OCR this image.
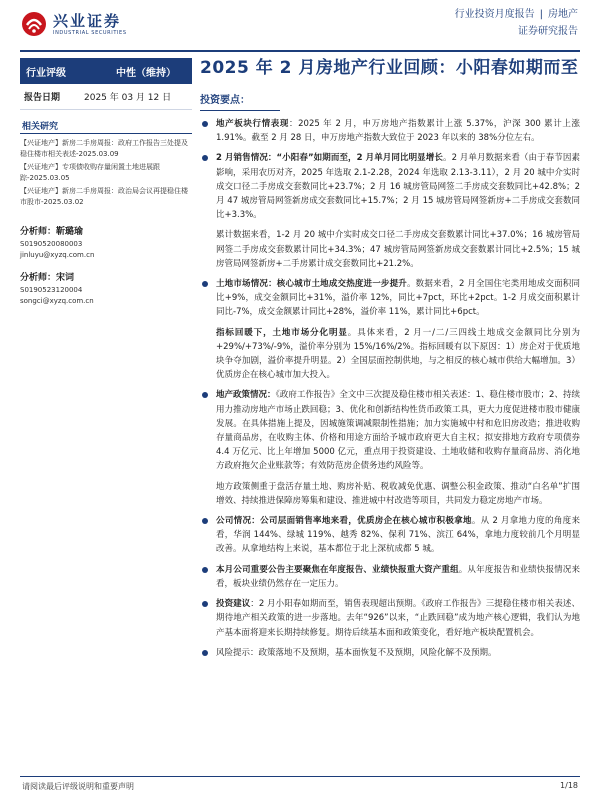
兴业证券
INDUSTRIAL SECURITIES
行业投资月度报告 | 房地产
证券研究报告
行业评级	中性（维持）
报告日期	2025 年 03 月 12 日
相关研究
【兴证地产】新房二手房周报：政府工作报告三处提及稳住楼市相关表述-2025.03.09
【兴证地产】专项债收购存量闲置土地进展跟踪-2025.03.05
【兴证地产】新房二手房周报：政治局会议再提稳住楼市股市-2025.03.02
分析师：靳璐瑜
S0190520080003
jinluyu@xyzq.com.cn
分析师：宋词
S0190523120004
songci@xyzq.com.cn
2025 年 2 月房地产行业回顾：小阳春如期而至
投资要点：
地产板块行情表现：2025 年 2 月，申万房地产指数累计上涨 5.37%，沪深 300 累计上涨 1.91%。截至 2 月 28 日，申万房地产指数大致位于 2023 年以来的 38%分位左右。
2 月销售情况：“小阳春”如期而至，2 月单月同比明显增长。2 月单月数据来看（由于春节因素影响，采用农历对齐，2025 年选取 2.1-2.28，2024 年选取 2.13-3.11），2 月 20 城中介实时成交口径二手房成交套数同比+23.7%；2 月 16 城房管局网签二手房成交套数同比+42.8%；2 月 47 城房管局网签新房成交套数同比+15.7%；2 月 15 城房管局网签新房+二手房成交套数同比+3.3%。
累计数据来看，1-2 月 20 城中介实时成交口径二手房成交套数累计同比+37.0%；16 城房管局网签二手房成交套数累计同比+34.3%；47 城房管局网签新房成交套数累计同比+2.5%；15 城房管局网签新房+二手房累计成交套数同比+21.2%。
土地市场情况：核心城市土地成交热度进一步提升。数据来看，2 月全国住宅类用地成交面积同比+9%，成交金额同比+31%，溢价率 12%，同比+7pct，环比+2pct。1-2 月成交面积累计同比-7%，成交金额累计同比+28%，溢价率 11%，累计同比+6pct。
指标回暖下，土地市场分化明显。具体来看，2 月一/二/三四线土地成交金额同比分别为+29%/+73%/-9%，溢价率分别为 15%/16%/2%。指标回暖有以下原因：1）房企对于优质地块争夺加剧，溢价率提升明显。2）全国层面控制供地，与之相反的核心城市供给大幅增加。3）优质房企在核心城市加大投入。
地产政策情况：《政府工作报告》全文中三次提及稳住楼市相关表述：1、稳住楼市股市；2、持续用力推动房地产市场止跌回稳；3、优化和创新结构性货币政策工具，更大力度促进楼市股市健康发展。在具体措施上提及，因城施策调减限制性措施；加力实施城中村和危旧房改造；推进收购存量商品房，在收购主体、价格和用途方面给予城市政府更大自主权；拟安排地方政府专项债券 4.4 万亿元、比上年增加 5000 亿元，重点用于投资建设、土地收储和收购存量商品房、消化地方政府拖欠企业账款等；有效防范房企债务违约风险等。
地方政策侧重于盘活存量土地、购房补贴、税收减免优惠、调整公积金政策、推动“白名单”扩围增效、持续推进保障房筹集和建设、推进城中村改造等项目，共同发力稳定房地产市场。
公司情况：公司层面销售率地来看，优质房企在核心城市积极拿地。从 2 月拿地力度的角度来看，华润 144%、绿城 119%、越秀 82%、保利 71%、滨江 64%，拿地力度较前几个月明显改善。从拿地结构上来说，基本都位于北上深杭成都 5 城。
本月公司重要公告主要聚焦在年度报告、业绩快报重大资产重组。从年度报告和业绩快报情况来看，板块业绩仍然存在一定压力。
投资建议：2 月小阳春如期而至，销售表现超出预期。《政府工作报告》三提稳住楼市相关表述、期待地产相关政策的进一步落地。去年“926”以来，“止跌回稳”成为地产核心逻辑，我们认为地产基本面将迎来长期持续修复。期待后续基本面和政策变化，看好地产板块配置机会。
风险提示：政策落地不及预期，基本面恢复不及预期，风险化解不及预期。
请阅读最后评级说明和重要声明	1/18
